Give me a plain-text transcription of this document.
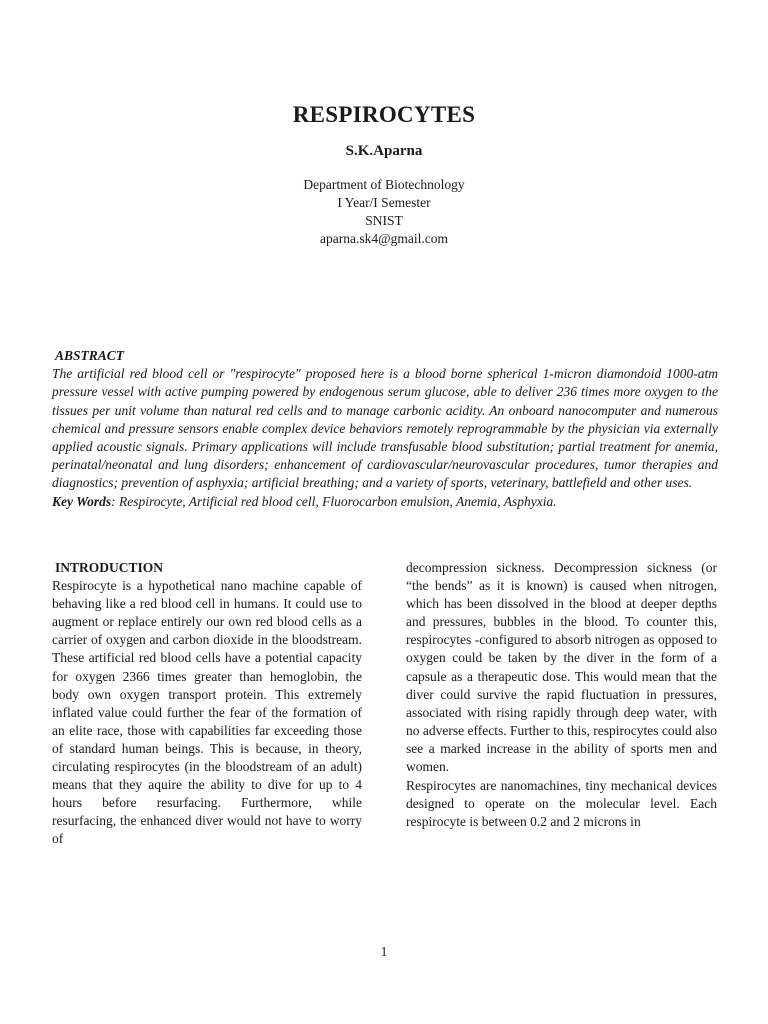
RESPIROCYTES
S.K.Aparna
Department of Biotechnology
I Year/I Semester
SNIST
aparna.sk4@gmail.com
ABSTRACT
The artificial red blood cell or "respirocyte" proposed here is a blood borne spherical 1-micron diamondoid 1000-atm pressure vessel with active pumping powered by endogenous serum glucose, able to deliver 236 times more oxygen to the tissues per unit volume than natural red cells and to manage carbonic acidity. An onboard nanocomputer and numerous chemical and pressure sensors enable complex device behaviors remotely reprogrammable by the physician via externally applied acoustic signals. Primary applications will include transfusable blood substitution; partial treatment for anemia, perinatal/neonatal and lung disorders; enhancement of cardiovascular/neurovascular procedures, tumor therapies and diagnostics; prevention of asphyxia; artificial breathing; and a variety of sports, veterinary, battlefield and other uses.
Key Words: Respirocyte, Artificial red blood cell, Fluorocarbon emulsion, Anemia, Asphyxia.
INTRODUCTION
Respirocyte is a hypothetical nano machine capable of behaving like a red blood cell in humans. It could use to augment or replace entirely our own red blood cells as a carrier of oxygen and carbon dioxide in the bloodstream. These artificial red blood cells have a potential capacity for oxygen 2366 times greater than hemoglobin, the body own oxygen transport protein. This extremely inflated value could further the fear of the formation of an elite race, those with capabilities far exceeding those of standard human beings. This is because, in theory, circulating respirocytes (in the bloodstream of an adult) means that they aquire the ability to dive for up to 4 hours before resurfacing. Furthermore, while resurfacing, the enhanced diver would not have to worry of
decompression sickness. Decompression sickness (or “the bends” as it is known) is caused when nitrogen, which has been dissolved in the blood at deeper depths and pressures, bubbles in the blood. To counter this, respirocytes -configured to absorb nitrogen as opposed to oxygen could be taken by the diver in the form of a capsule as a therapeutic dose. This would mean that the diver could survive the rapid fluctuation in pressures, associated with rising rapidly through deep water, with no adverse effects. Further to this, respirocytes could also see a marked increase in the ability of sports men and women.
Respirocytes are nanomachines, tiny mechanical devices designed to operate on the molecular level. Each respirocyte is between 0.2 and 2 microns in
1
